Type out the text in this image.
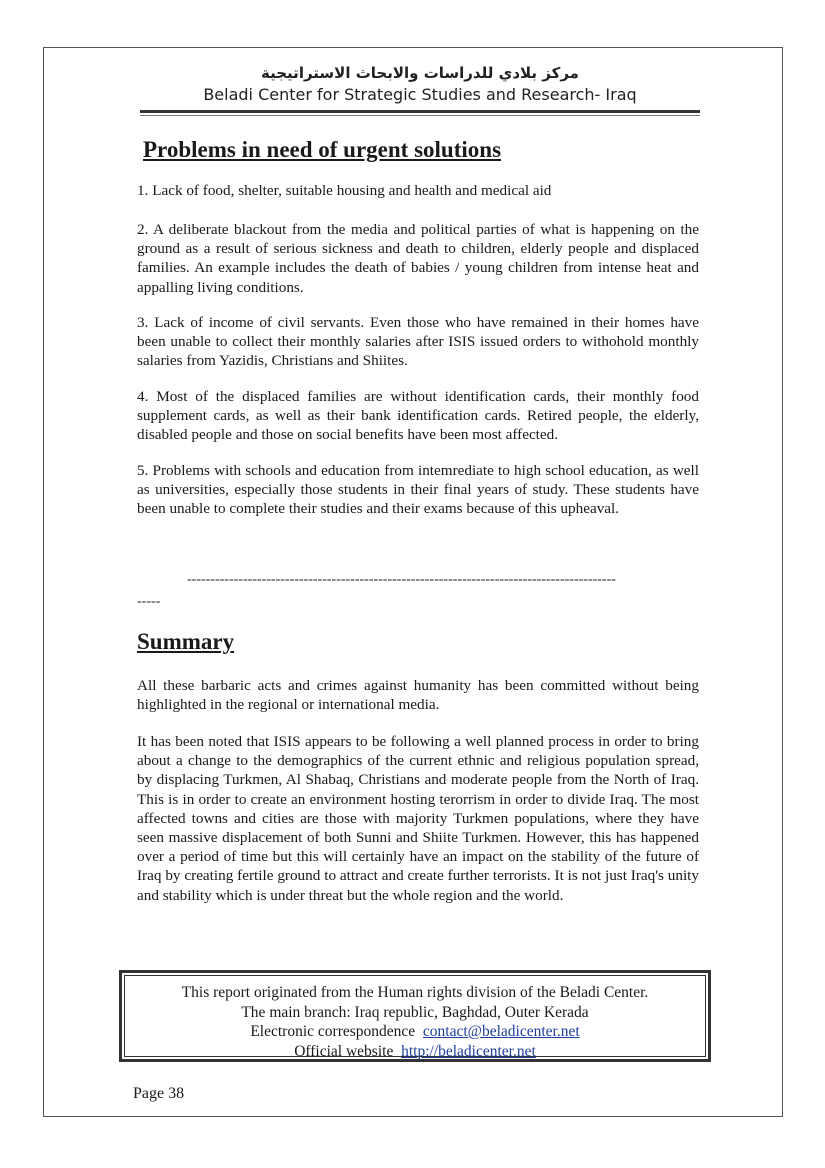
مركز بلادي للدراسات والابحاث الاستراتيجية
Beladi Center for Strategic Studies and Research- Iraq
Problems in need of urgent solutions

1. Lack of food, shelter, suitable housing and health and medical aid

2. A deliberate blackout from the media and political parties of what is happening on the ground as a result of serious sickness and death to children, elderly people and displaced families. An example includes the death of babies / young children from intense heat and appalling living conditions.

3. Lack of income of civil servants. Even those who have remained in their homes have been unable to collect their monthly salaries after ISIS issued orders to withohold monthly salaries from Yazidis, Christians and Shiites.

4. Most of the displaced families are without identification cards, their monthly food supplement cards, as well as their bank identification cards. Retired people, the elderly, disabled people and those on social benefits have been most affected.

5. Problems with schools and education from intemrediate to high school education, as well as universities, especially those students in their final years of study. These students have been unable to complete their studies and their exams because of this upheaval.

--------------------------------------------------------------------------------------------
-----
Summary

All these barbaric acts and crimes against humanity has been committed without being highlighted in the regional or international media.

It has been noted that ISIS appears to be following a well planned process in order to bring about a change to the demographics of the current ethnic and religious population spread, by displacing Turkmen, Al Shabaq, Christians and moderate people from the North of Iraq. This is in order to create an environment hosting terorrism in order to divide Iraq. The most affected towns and cities are those with majority Turkmen populations, where they have seen massive displacement of both Sunni and Shiite Turkmen. However, this has happened over a period of time but this will certainly have an impact on the stability of the future of Iraq by creating fertile ground to attract and create further terrorists. It is not just Iraq's unity and stability which is under threat but the whole region and the world.

This report originated from the Human rights division of the Beladi Center.
The main branch: Iraq republic, Baghdad, Outer Kerada
Electronic correspondence contact@beladicenter.net
Official website http://beladicenter.net
Page 38
